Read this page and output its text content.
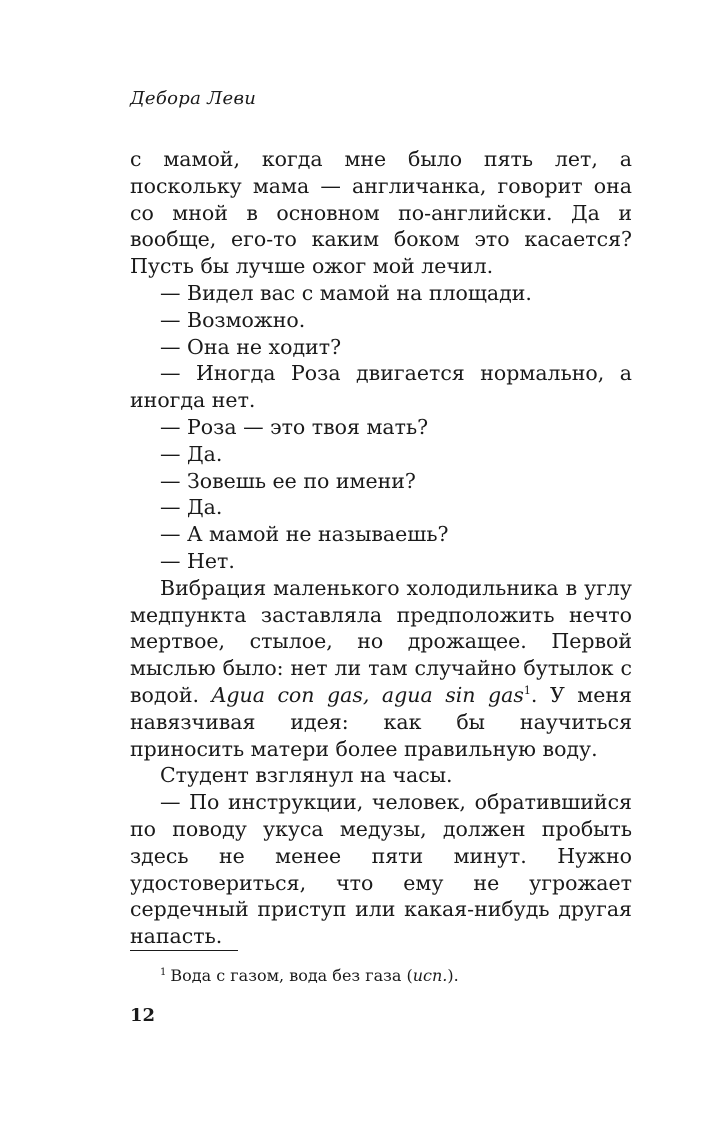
Дебора Леви

с мамой, когда мне было пять лет, а поскольку мама — англичанка, говорит она со мной в основном по-английски. Да и вообще, его-то каким боком это касается? Пусть бы лучше ожог мой лечил.

— Видел вас с мамой на площади.

— Возможно.

— Она не ходит?

— Иногда Роза двигается нормально, а иногда нет.

— Роза — это твоя мать?

— Да.

— Зовешь ее по имени?

— Да.

— А мамой не называешь?

— Нет.

Вибрация маленького холодильника в углу медпункта заставляла предположить нечто мертвое, стылое, но дрожащее. Первой мыслью было: нет ли там случайно бутылок с водой. Agua con gas, agua sin gas$^1$. У меня навязчивая идея: как бы научиться приносить матери более правильную воду.

Студент взглянул на часы.

— По инструкции, человек, обратившийся по поводу укуса медузы, должен пробыть здесь не менее пяти минут. Нужно удостовериться, что ему не угрожает сердечный приступ или какая-нибудь другая напасть.

$^1$ Вода с газом, вода без газа (исп.).
12
